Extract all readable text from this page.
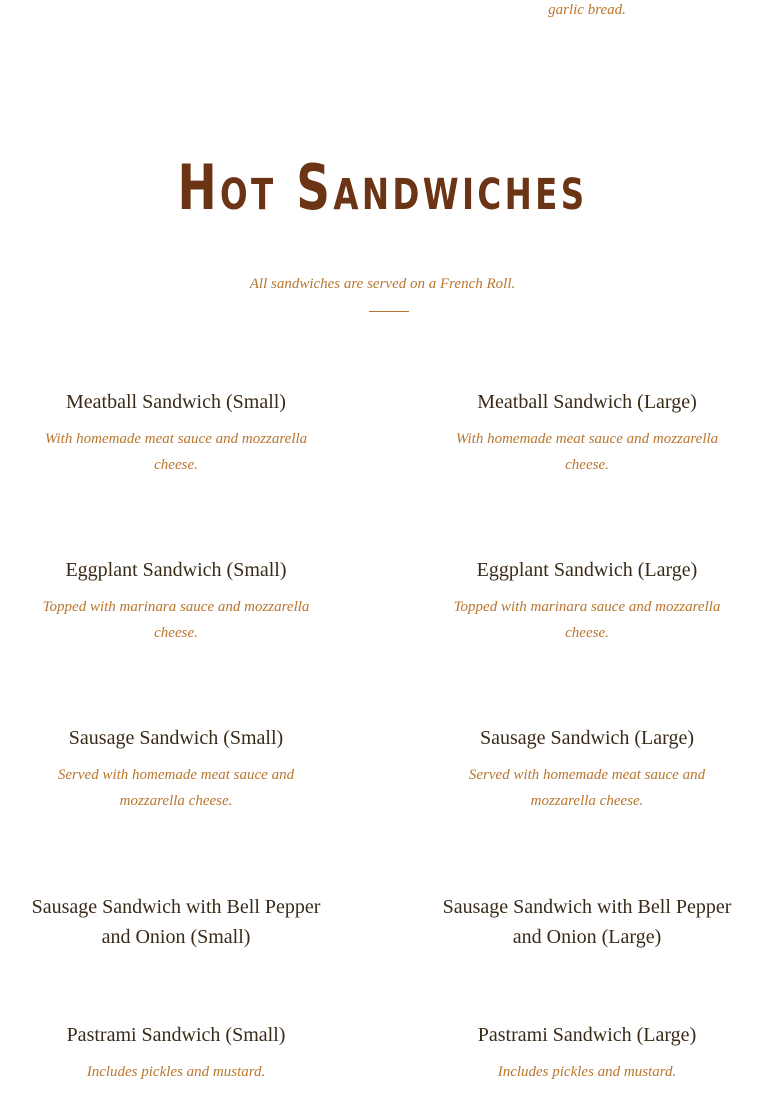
garlic bread.

Hot Sandwiches

All sandwiches are served on a French Roll.

Meatball Sandwich (Small)

With homemade meat sauce and mozzarella cheese.

Meatball Sandwich (Large)

With homemade meat sauce and mozzarella cheese.

Eggplant Sandwich (Small)

Topped with marinara sauce and mozzarella cheese.

Eggplant Sandwich (Large)

Topped with marinara sauce and mozzarella cheese.

Sausage Sandwich (Small)

Served with homemade meat sauce and mozzarella cheese.

Sausage Sandwich (Large)

Served with homemade meat sauce and mozzarella cheese.

Sausage Sandwich with Bell Pepper and Onion (Small)
Sausage Sandwich with Bell Pepper and Onion (Large)
Pastrami Sandwich (Small)

Includes pickles and mustard.

Pastrami Sandwich (Large)

Includes pickles and mustard.
